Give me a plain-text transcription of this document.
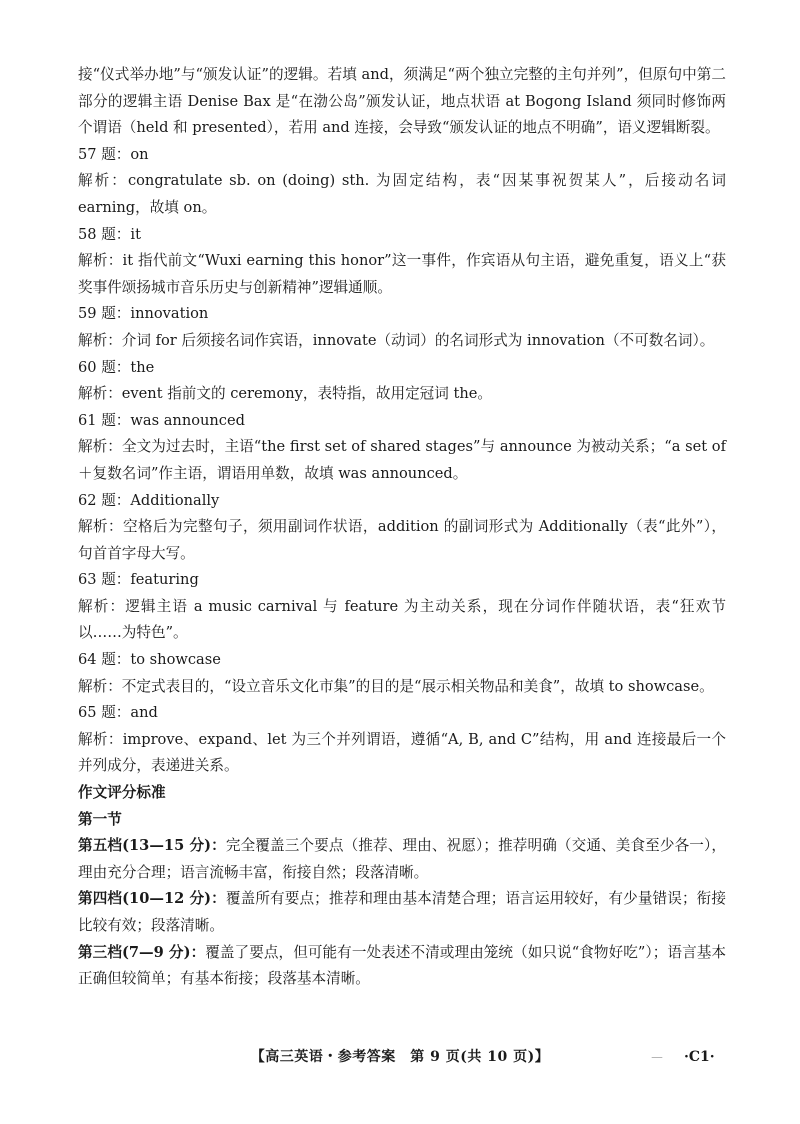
接“仪式举办地”与“颁发认证”的逻辑。若填 and，须满足“两个独立完整的主句并列”，但原句中第二部分的逻辑主语 Denise Bax 是“在渤公岛”颁发认证，地点状语 at Bogong Island 须同时修饰两个谓语（held 和 presented），若用 and 连接，会导致“颁发认证的地点不明确”，语义逻辑断裂。

57 题：on

解析：congratulate sb. on (doing) sth. 为固定结构，表“因某事祝贺某人”，后接动名词 earning，故填 on。

58 题：it

解析：it 指代前文“Wuxi earning this honor”这一事件，作宾语从句主语，避免重复，语义上“获奖事件颂扬城市音乐历史与创新精神”逻辑通顺。

59 题：innovation

解析：介词 for 后须接名词作宾语，innovate（动词）的名词形式为 innovation（不可数名词）。

60 题：the

解析：event 指前文的 ceremony，表特指，故用定冠词 the。

61 题：was announced

解析：全文为过去时，主语“the first set of shared stages”与 announce 为被动关系；“a set of＋复数名词”作主语，谓语用单数，故填 was announced。

62 题：Additionally

解析：空格后为完整句子，须用副词作状语，addition 的副词形式为 Additionally（表“此外”），句首首字母大写。

63 题：featuring

解析：逻辑主语 a music carnival 与 feature 为主动关系，现在分词作伴随状语，表“狂欢节以……为特色”。

64 题：to showcase

解析：不定式表目的，“设立音乐文化市集”的目的是“展示相关物品和美食”，故填 to showcase。

65 题：and

解析：improve、expand、let 为三个并列谓语，遵循“A, B, and C”结构，用 and 连接最后一个并列成分，表递进关系。

作文评分标准

第一节

第五档(13—15 分)：完全覆盖三个要点（推荐、理由、祝愿）；推荐明确（交通、美食至少各一），理由充分合理；语言流畅丰富，衔接自然；段落清晰。

第四档(10—12 分)：覆盖所有要点；推荐和理由基本清楚合理；语言运用较好，有少量错误；衔接比较有效；段落清晰。

第三档(7—9 分)：覆盖了要点，但可能有一处表述不清或理由笼统（如只说“食物好吃”）；语言基本正确但较简单；有基本衔接；段落基本清晰。

【高三英语・参考答案　第 9 页(共 10 页)】	－ ·C1·
